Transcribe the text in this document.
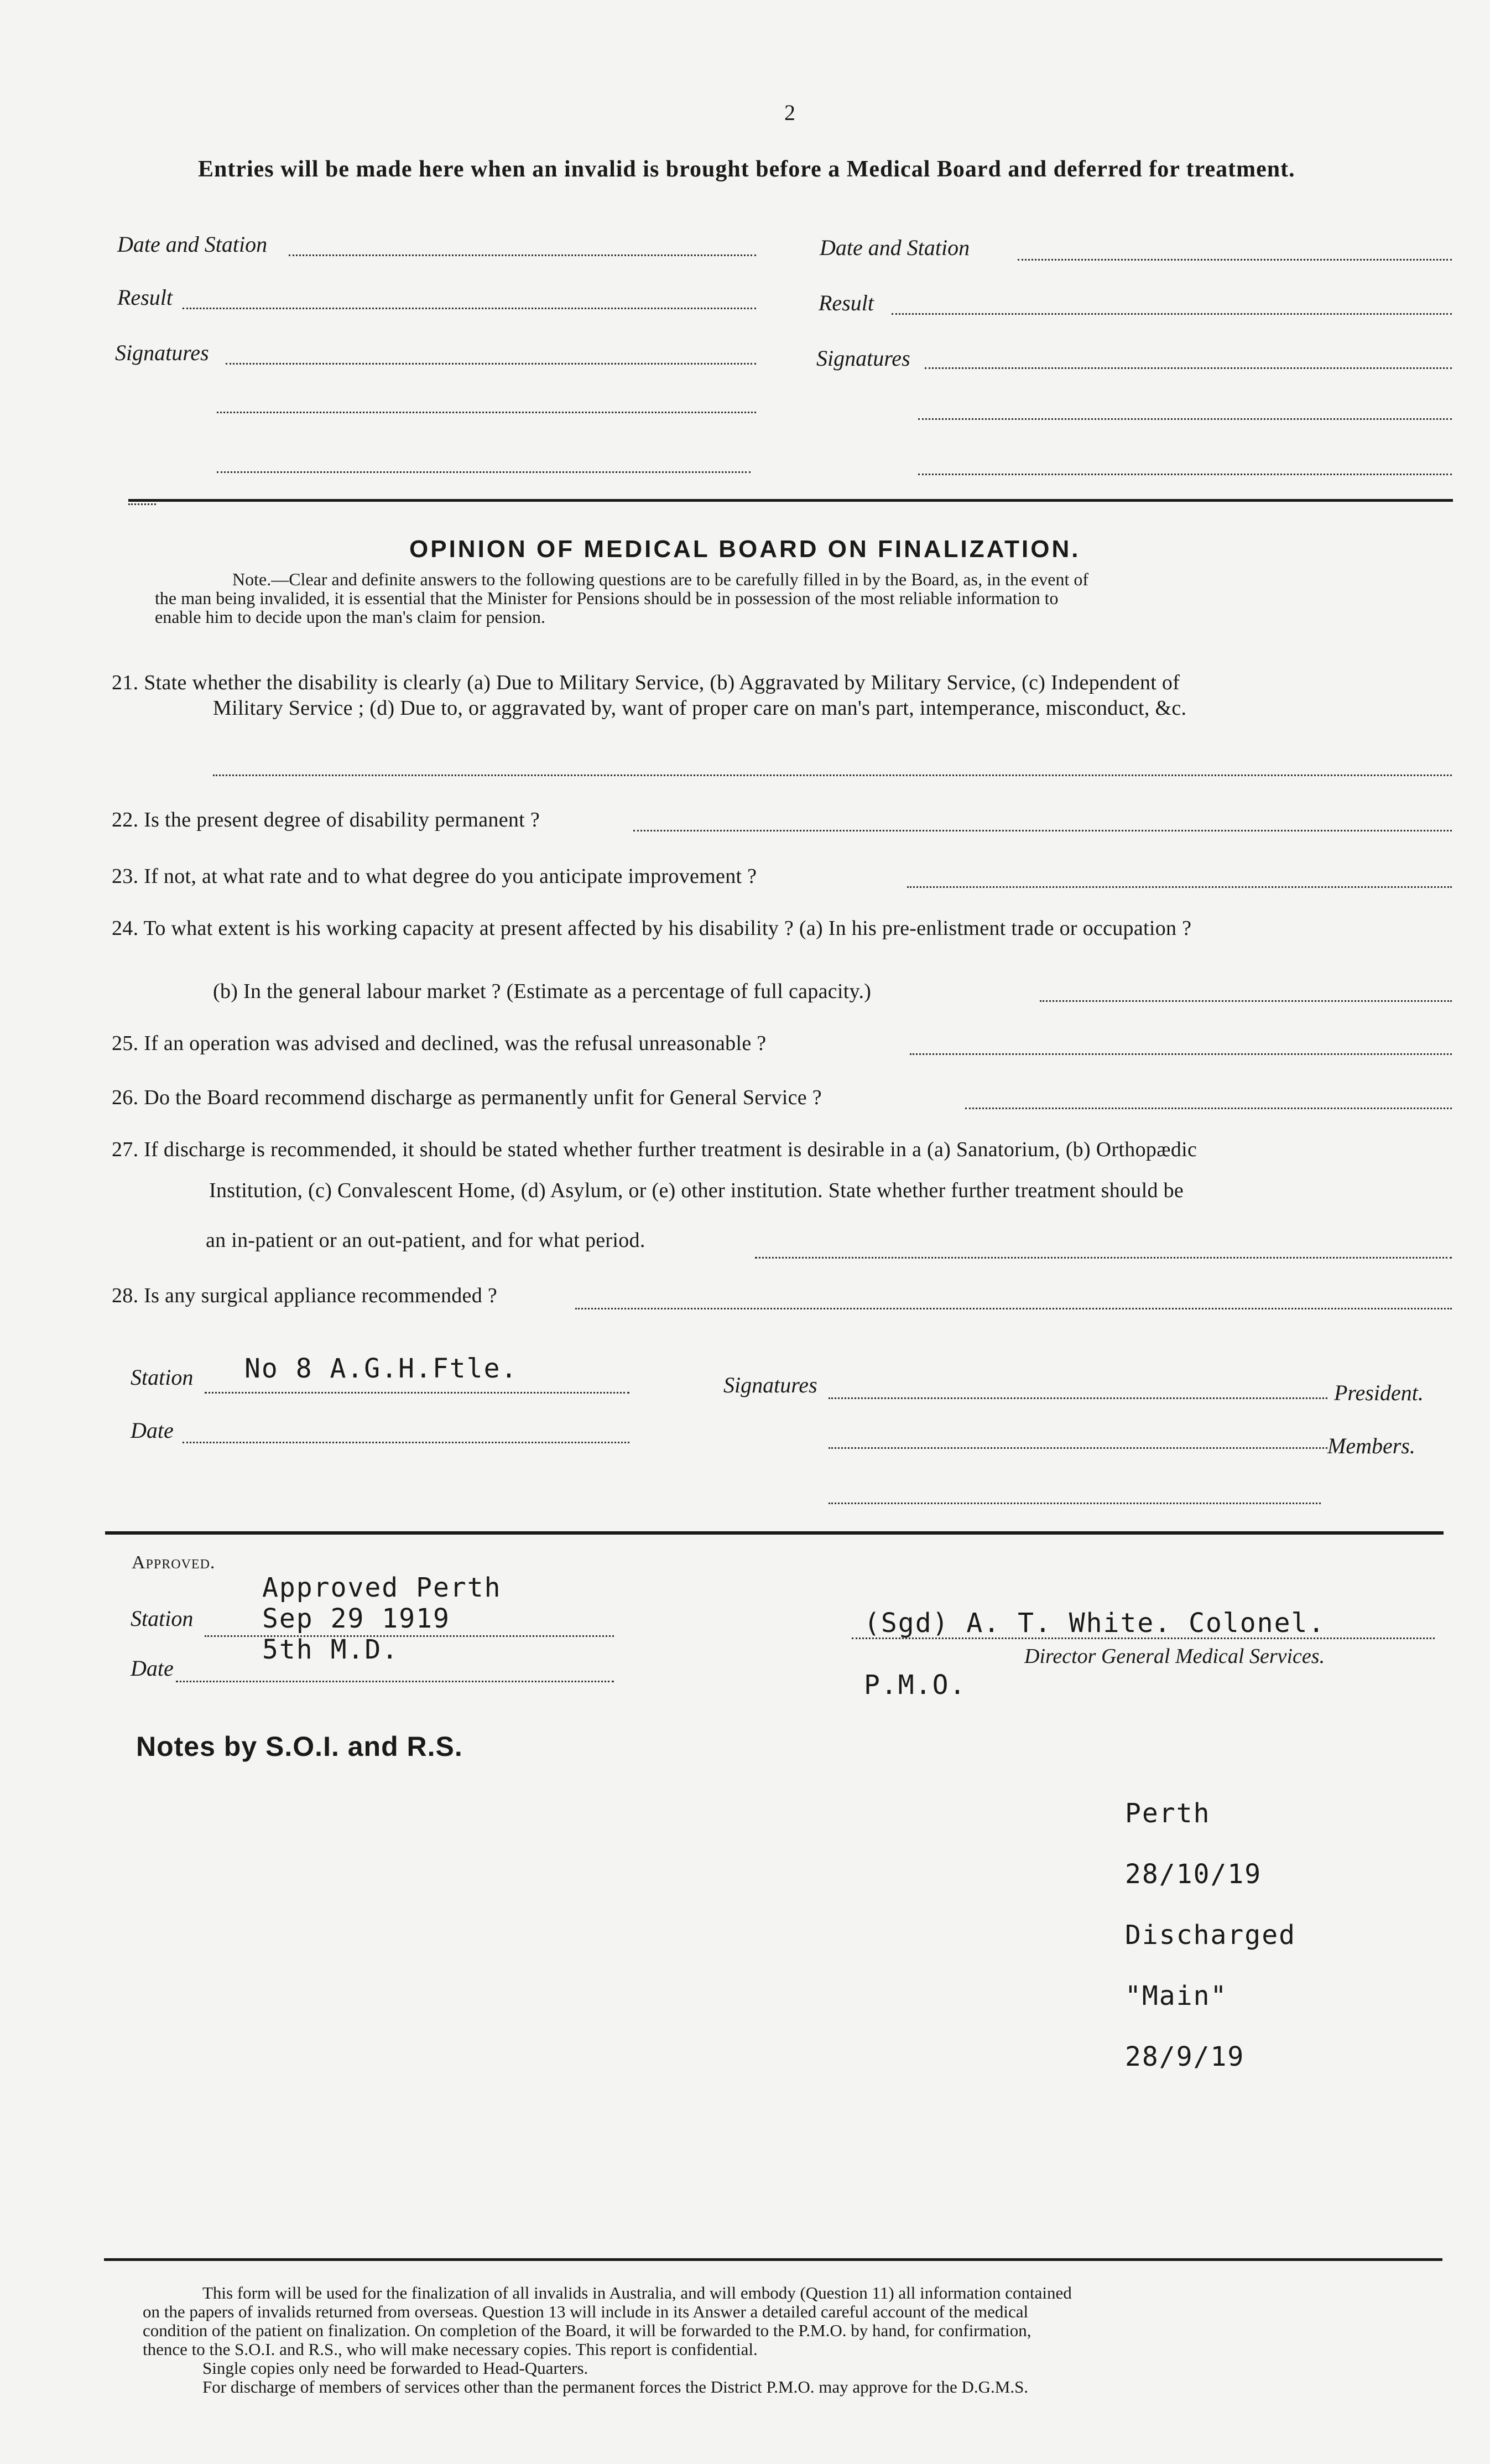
2
Entries will be made here when an invalid is brought before a Medical Board and deferred for treatment.
Date and Station
Result
Signatures
Date and Station
Result
Signatures
OPINION OF MEDICAL BOARD ON FINALIZATION.
Note.—Clear and definite answers to the following questions are to be carefully filled in by the Board, as, in the event of
the man being invalided, it is essential that the Minister for Pensions should be in possession of the most reliable information to
enable him to decide upon the man's claim for pension.
21. State whether the disability is clearly (a) Due to Military Service, (b) Aggravated by Military Service, (c) Independent of
Military Service ; (d) Due to, or aggravated by, want of proper care on man's part, intemperance, misconduct, &c.
22. Is the present degree of disability permanent ?
23. If not, at what rate and to what degree do you anticipate improvement ?
24. To what extent is his working capacity at present affected by his disability ? (a) In his pre-enlistment trade or occupation ?
(b) In the general labour market ? (Estimate as a percentage of full capacity.)
25. If an operation was advised and declined, was the refusal unreasonable ?
26. Do the Board recommend discharge as permanently unfit for General Service ?
27. If discharge is recommended, it should be stated whether further treatment is desirable in a (a) Sanatorium, (b) Orthopædic
Institution, (c) Convalescent Home, (d) Asylum, or (e) other institution. State whether further treatment should be
an in-patient or an out-patient, and for what period.
28. Is any surgical appliance recommended ?
Station No 8 A.G.H.Ftle.
Date
Signatures	President.
Members.
Approved.
Approved Perth
Station	Sep 29 1919
Date
5th M.D.
(Sgd) A. T. White. Colonel.
Director General Medical Services.
P.M.O.
Notes by S.O.I. and R.S.
Perth
28/10/19
Discharged
"Main"
28/9/19
This form will be used for the finalization of all invalids in Australia, and will embody (Question 11) all information contained
on the papers of invalids returned from overseas. Question 13 will include in its Answer a detailed careful account of the medical
condition of the patient on finalization. On completion of the Board, it will be forwarded to the P.M.O. by hand, for confirmation,
thence to the S.O.I. and R.S., who will make necessary copies. This report is confidential.
Single copies only need be forwarded to Head-Quarters.
For discharge of members of services other than the permanent forces the District P.M.O. may approve for the D.G.M.S.
